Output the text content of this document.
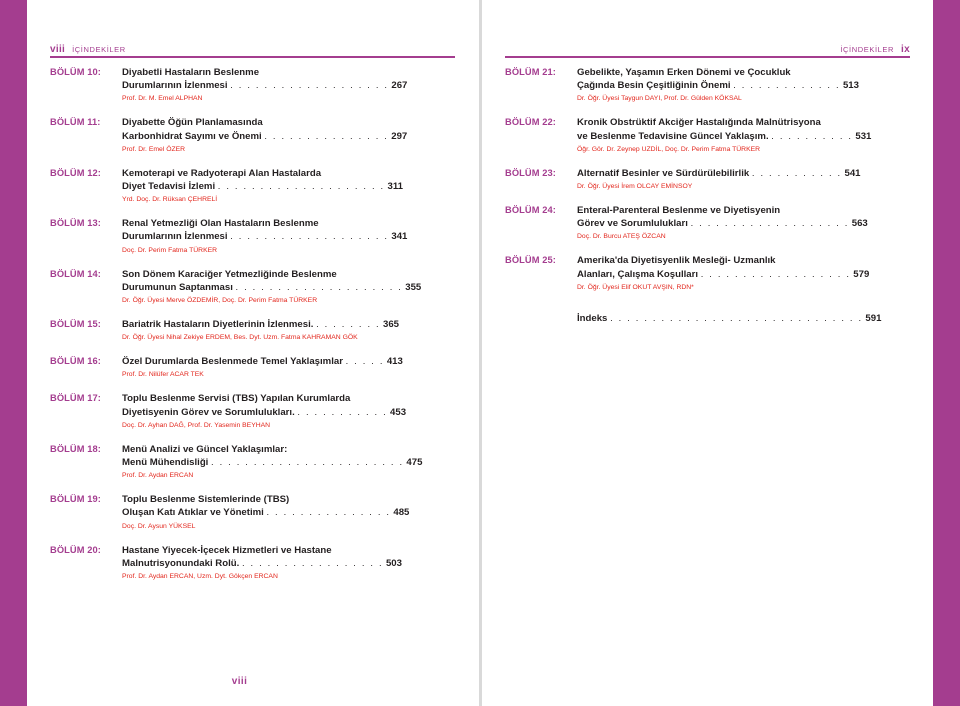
viii İÇİNDEKİLER	İÇİNDEKİLER ix
BÖLÜM 10:	Diyabetli Hastaların Beslenme
Durumlarının İzlenmesi . . . . . . . . . . . . . . . . . . . 267
Prof. Dr. M. Emel ALPHAN
BÖLÜM 11:	Diyabette Öğün Planlamasında
Karbonhidrat Sayımı ve Önemi . . . . . . . . . . . . . . . 297
Prof. Dr. Emel ÖZER
BÖLÜM 12:	Kemoterapi ve Radyoterapi Alan Hastalarda
Diyet Tedavisi İzlemi . . . . . . . . . . . . . . . . . . . . 311
Yrd. Doç. Dr. Rüksan ÇEHRELİ
BÖLÜM 13:	Renal Yetmezliği Olan Hastaların Beslenme
Durumlarının İzlenmesi . . . . . . . . . . . . . . . . . . . 341
Doç. Dr. Perim Fatma TÜRKER
BÖLÜM 14:	Son Dönem Karaciğer Yetmezliğinde Beslenme
Durumunun Saptanması . . . . . . . . . . . . . . . . . . . . 355
Dr. Öğr. Üyesi Merve ÖZDEMİR, Doç. Dr. Perim Fatma TÜRKER
BÖLÜM 15:	Bariatrik Hastaların Diyetlerinin İzlenmesi. . . . . . . . . 365
Dr. Öğr. Üyesi Nihal Zekiye ERDEM, Bes. Dyt. Uzm. Fatma KAHRAMAN GÖK
BÖLÜM 16:	Özel Durumlarda Beslenmede Temel Yaklaşımlar . . . . . 413
Prof. Dr. Nilüfer ACAR TEK
BÖLÜM 17:	Toplu Beslenme Servisi (TBS) Yapılan Kurumlarda
Diyetisyenin Görev ve Sorumlulukları. . . . . . . . . . . . 453
Doç. Dr. Ayhan DAĞ, Prof. Dr. Yasemin BEYHAN
BÖLÜM 18:	Menü Analizi ve Güncel Yaklaşımlar:
Menü Mühendisliği . . . . . . . . . . . . . . . . . . . . . . . 475
Prof. Dr. Aydan ERCAN
BÖLÜM 19:	Toplu Beslenme Sistemlerinde (TBS)
Oluşan Katı Atıklar ve Yönetimi . . . . . . . . . . . . . . . 485
Doç. Dr. Aysun YÜKSEL
BÖLÜM 20:	Hastane Yiyecek-İçecek Hizmetleri ve Hastane
Malnutrisyonundaki Rolü. . . . . . . . . . . . . . . . . . 503
Prof. Dr. Aydan ERCAN, Uzm. Dyt. Gökçen ERCAN
BÖLÜM 21:	Gebelikte, Yaşamın Erken Dönemi ve Çocukluk
Çağında Besin Çeşitliğinin Önemi . . . . . . . . . . . . . 513
Dr. Öğr. Üyesi Taygun DAYI, Prof. Dr. Gülden KÖKSAL
BÖLÜM 22:	Kronik Obstrüktif Akciğer Hastalığında Malnütrisyona
ve Beslenme Tedavisine Güncel Yaklaşım. . . . . . . . . . . 531
Öğr. Gör. Dr. Zeynep UZDİL, Doç. Dr. Perim Fatma TÜRKER
BÖLÜM 23:	Alternatif Besinler ve Sürdürülebilirlik . . . . . . . . . . . 541
Dr. Öğr. Üyesi İrem OLCAY EMİNSOY
BÖLÜM 24:	Enteral-Parenteral Beslenme ve Diyetisyenin
Görev ve Sorumlulukları . . . . . . . . . . . . . . . . . . . 563
Doç. Dr. Burcu ATEŞ ÖZCAN
BÖLÜM 25:	Amerika'da Diyetisyenlik Mesleği- Uzmanlık
Alanları, Çalışma Koşulları . . . . . . . . . . . . . . . . . . 579
Dr. Öğr. Üyesi Elif OKUT AVŞIN, RDN*
İndeks . . . . . . . . . . . . . . . . . . . . . . . . . . . . . . 591
viii
